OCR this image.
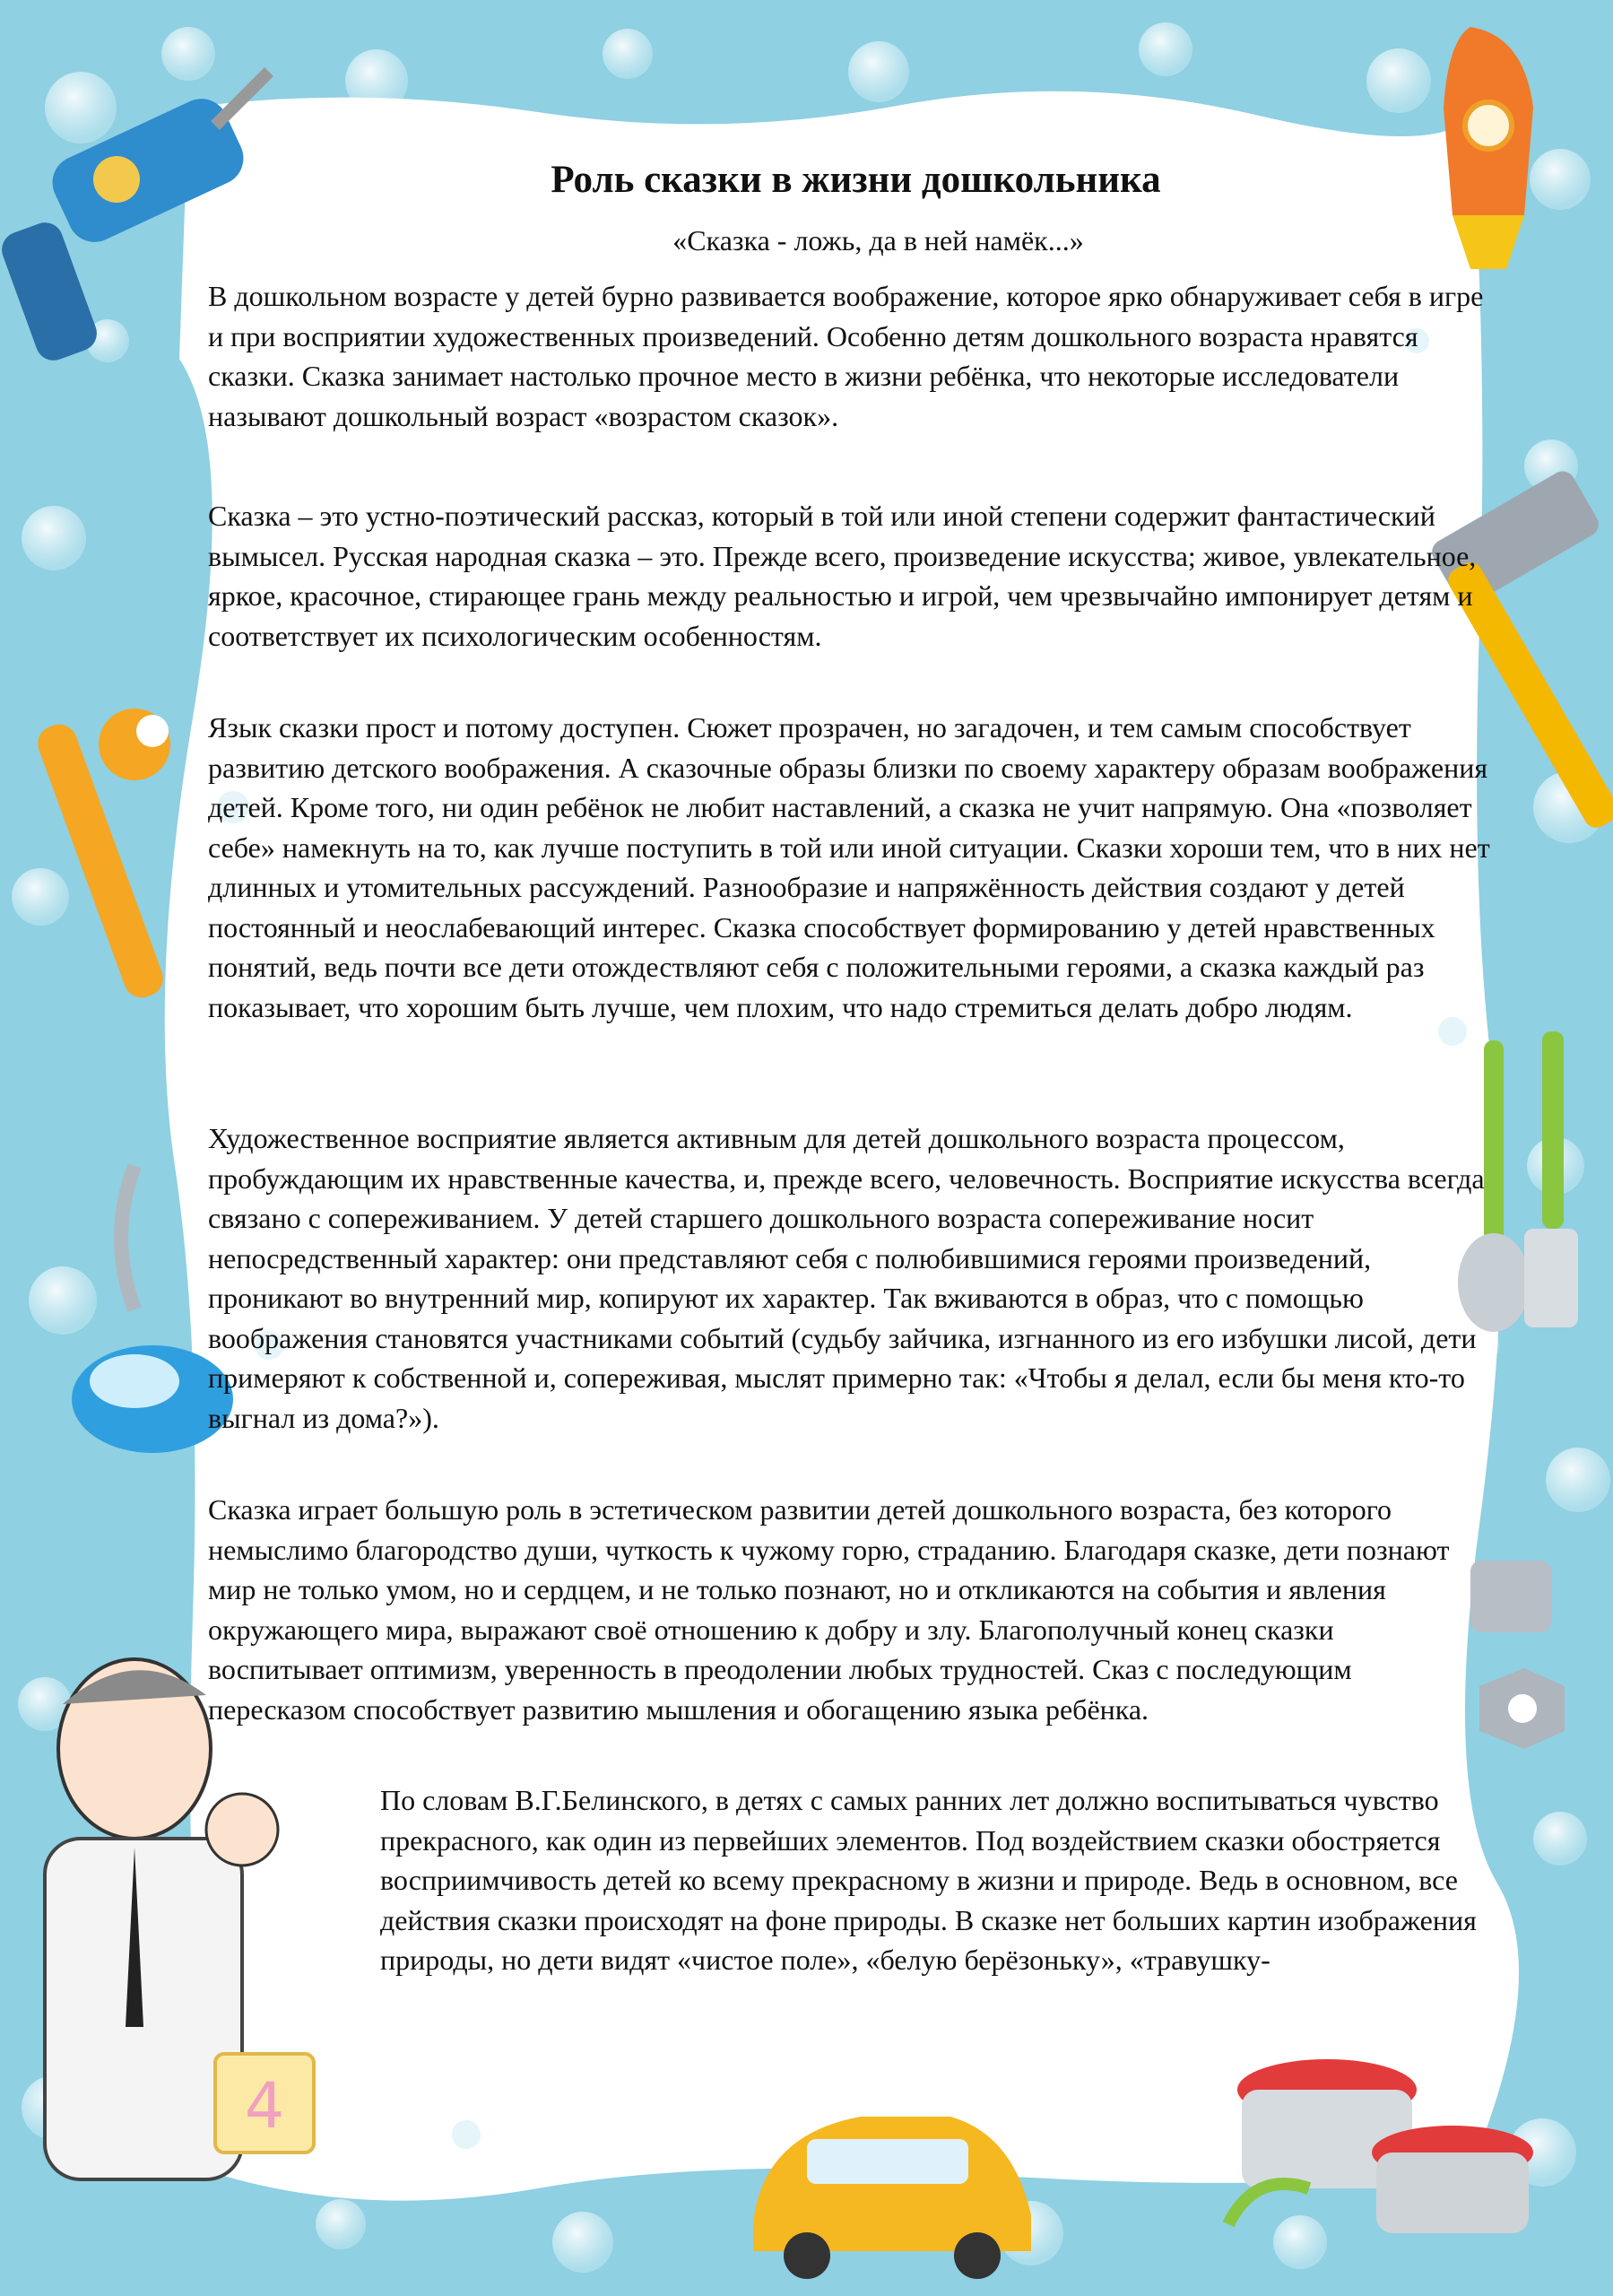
4
Роль сказки в жизни дошкольника
«Сказка - ложь, да в ней намёк...»

В дошкольном возрасте у детей бурно развивается воображение, которое ярко обнаруживает себя в игре и при восприятии художественных произведений. Особенно детям дошкольного возраста нравятся сказки. Сказка занимает настолько прочное место в жизни ребёнка, что некоторые исследователи называют дошкольный возраст «возрастом сказок».

Сказка – это устно-поэтический рассказ, который в той или иной степени содержит фантастический вымысел. Русская народная сказка – это. Прежде всего, произведение искусства; живое, увлекательное, яркое, красочное, стирающее грань между реальностью и игрой, чем чрезвычайно импонирует детям и соответствует их психологическим особенностям.

Язык сказки прост и потому доступен. Сюжет прозрачен, но загадочен, и тем самым способствует развитию детского воображения. А сказочные образы близки по своему характеру образам воображения детей. Кроме того, ни один ребёнок не любит наставлений, а сказка не учит напрямую. Она «позволяет себе» намекнуть на то, как лучше поступить в той или иной ситуации. Сказки хороши тем, что в них нет длинных и утомительных рассуждений. Разнообразие и напряжённость действия создают у детей постоянный и неослабевающий интерес. Сказка способствует формированию у детей нравственных понятий, ведь почти все дети отождествляют себя с положительными героями, а сказка каждый раз показывает, что хорошим быть лучше, чем плохим, что надо стремиться делать добро людям.

Художественное восприятие является активным для детей дошкольного возраста процессом, пробуждающим их нравственные качества, и, прежде всего, человечность. Восприятие искусства всегда связано с сопереживанием. У детей старшего дошкольного возраста сопереживание носит непосредственный характер: они представляют себя с полюбившимися героями произведений, проникают во внутренний мир, копируют их характер. Так вживаются в образ, что с помощью воображения становятся участниками событий (судьбу зайчика, изгнанного из его избушки лисой, дети примеряют к собственной и, сопереживая, мыслят примерно так: «Чтобы я делал, если бы меня кто-то выгнал из дома?»).

Сказка играет большую роль в эстетическом развитии детей дошкольного возраста, без которого немыслимо благородство души, чуткость к чужому горю, страданию. Благодаря сказке, дети познают мир не только умом, но и сердцем, и не только познают, но и откликаются на события и явления окружающего мира, выражают своё отношению к добру и злу. Благополучный конец сказки воспитывает оптимизм, уверенность в преодолении любых трудностей. Сказ с последующим пересказом способствует развитию мышления и обогащению языка ребёнка.

По словам В.Г.Белинского, в детях с самых ранних лет должно воспитываться чувство прекрасного, как один из первейших элементов. Под воздействием сказки обостряется восприимчивость детей ко всему прекрасному в жизни и природе. Ведь в основном, все действия сказки происходят на фоне природы. В сказке нет больших картин изображения природы, но дети видят «чистое поле», «белую берёзоньку», «травушку-
